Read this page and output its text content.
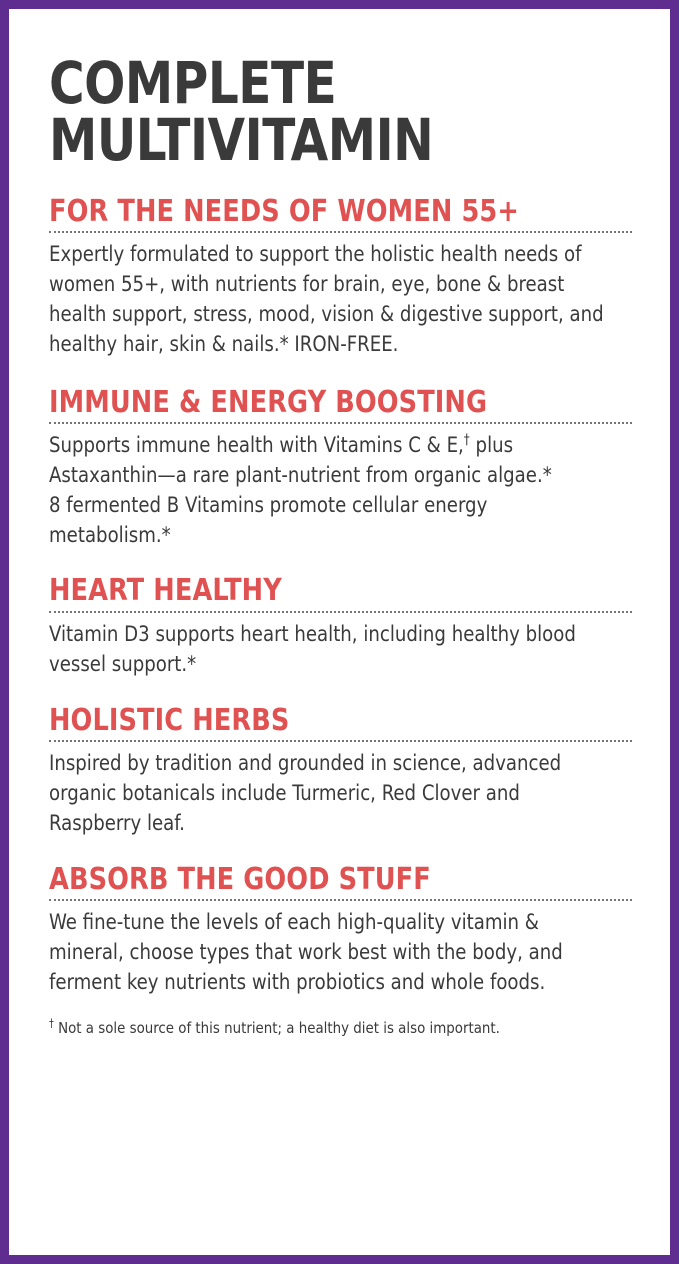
COMPLETE
MULTIVITAMIN
FOR THE NEEDS OF WOMEN 55+

Expertly formulated to support the holistic health needs of women 55+, with nutrients for brain, eye, bone & breast health support, stress, mood, vision & digestive support, and healthy hair, skin & nails.* IRON-FREE.

IMMUNE & ENERGY BOOSTING

Supports immune health with Vitamins C & E,† plus
Astaxanthin—a rare plant-nutrient from organic algae.*
8 fermented B Vitamins promote cellular energy metabolism.*

HEART HEALTHY

Vitamin D3 supports heart health, including healthy blood vessel support.*

HOLISTIC HERBS

Inspired by tradition and grounded in science, advanced organic botanicals include Turmeric, Red Clover and Raspberry leaf.

ABSORB THE GOOD STUFF

We fine-tune the levels of each high-quality vitamin & mineral, choose types that work best with the body, and ferment key nutrients with probiotics and whole foods.

† Not a sole source of this nutrient; a healthy diet is also important.
